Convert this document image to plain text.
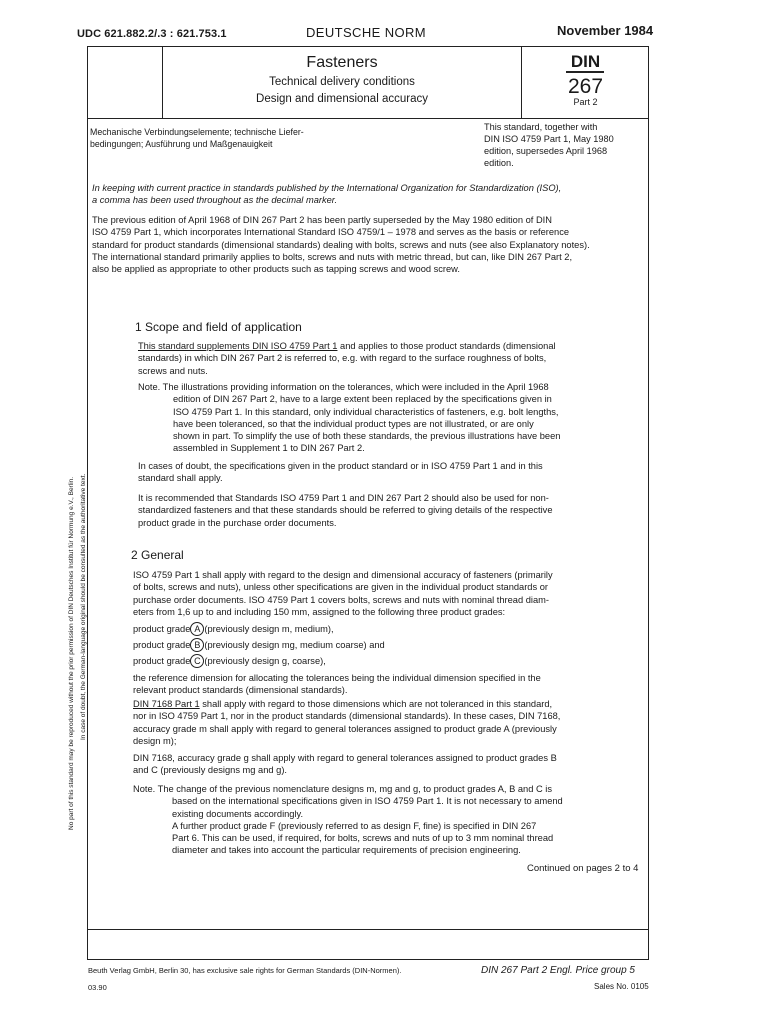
UDC 621.882.2/.3 : 621.753.1	DEUTSCHE NORM	November 1984
Fasteners
Technical delivery conditions
Design and dimensional accuracy
DIN
267
Part 2
Mechanische Verbindungselemente; technische Liefer-
bedingungen; Ausführung und Maßgenauigkeit
This standard, together with
DIN ISO 4759 Part 1, May 1980
edition, supersedes April 1968
edition.
In keeping with current practice in standards published by the International Organization for Standardization (ISO),
a comma has been used throughout as the decimal marker.
The previous edition of April 1968 of DIN 267 Part 2 has been partly superseded by the May 1980 edition of DIN
ISO 4759 Part 1, which incorporates International Standard ISO 4759/1 – 1978 and serves as the basis or reference
standard for product standards (dimensional standards) dealing with bolts, screws and nuts (see also Explanatory notes).
The international standard primarily applies to bolts, screws and nuts with metric thread, but can, like DIN 267 Part 2,
also be applied as appropriate to other products such as tapping screws and wood screw.
1 Scope and field of application
This standard supplements DIN ISO 4759 Part 1 and applies to those product standards (dimensional
standards) in which DIN 267 Part 2 is referred to, e.g. with regard to the surface roughness of bolts,
screws and nuts.
Note. The illustrations providing information on the tolerances, which were included in the April 1968
edition of DIN 267 Part 2, have to a large extent been replaced by the specifications given in
ISO 4759 Part 1. In this standard, only individual characteristics of fasteners, e.g. bolt lengths,
have been toleranced, so that the individual product types are not illustrated, or are only
shown in part. To simplify the use of both these standards, the previous illustrations have been
assembled in Supplement 1 to DIN 267 Part 2.
In cases of doubt, the specifications given in the product standard or in ISO 4759 Part 1 and in this
standard shall apply.
It is recommended that Standards ISO 4759 Part 1 and DIN 267 Part 2 should also be used for non-
standardized fasteners and that these standards should be referred to giving details of the respective
product grade in the purchase order documents.
2 General
ISO 4759 Part 1 shall apply with regard to the design and dimensional accuracy of fasteners (primarily
of bolts, screws and nuts), unless other specifications are given in the individual product standards or
purchase order documents. ISO 4759 Part 1 covers bolts, screws and nuts with nominal thread diam-
eters from 1,6 up to and including 150 mm, assigned to the following three product grades:
product grade A (previously design m, medium),
product grade B (previously design mg, medium coarse) and
product grade C (previously design g, coarse),
the reference dimension for allocating the tolerances being the individual dimension specified in the
relevant product standards (dimensional standards).
DIN 7168 Part 1 shall apply with regard to those dimensions which are not toleranced in this standard,
nor in ISO 4759 Part 1, nor in the product standards (dimensional standards). In these cases, DIN 7168,
accuracy grade m shall apply with regard to general tolerances assigned to product grade A (previously
design m);
DIN 7168, accuracy grade g shall apply with regard to general tolerances assigned to product grades B
and C (previously designs mg and g).
Note. The change of the previous nomenclature designs m, mg and g, to product grades A, B and C is
based on the international specifications given in ISO 4759 Part 1. It is not necessary to amend
existing documents accordingly.
A further product grade F (previously referred to as design F, fine) is specified in DIN 267
Part 6. This can be used, if required, for bolts, screws and nuts of up to 3 mm nominal thread
diameter and takes into account the particular requirements of precision engineering.
Continued on pages 2 to 4
No part of this standard may be reproduced without the prior permission of DIN Deutsches Institut für Normung e.V., Berlin. In case of doubt, the German-language original should be consulted as the authoritative text.
Beuth Verlag GmbH, Berlin 30, has exclusive sale rights for German Standards (DIN-Normen).
03.90
DIN 267 Part 2 Engl. Price group 5
Sales No. 0105
